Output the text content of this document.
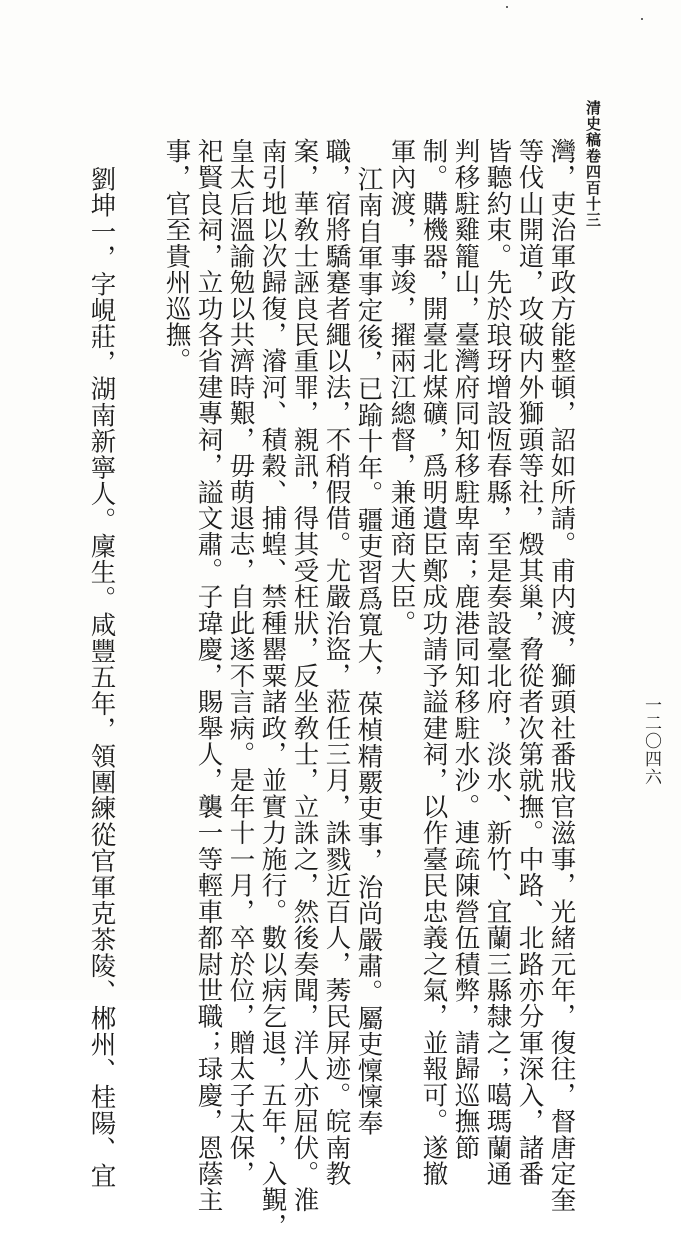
清史稿卷四百十三
一二〇四六
灣，吏治軍政方能整頓，詔如所請。甫内渡，獅頭社番戕官滋事，光緒元年，復往，督唐定奎
等伐山開道，攻破内外獅頭等社，燬其巢，脅從者次第就撫。中路、北路亦分軍深入，諸番
皆聽約束。先於琅玡增設恆春縣，至是奏設臺北府，淡水、新竹、宜蘭三縣隸之；噶瑪蘭通
判移駐雞籠山，臺灣府同知移駐卑南；鹿港同知移駐水沙。連疏陳營伍積弊，請歸巡撫節
制。購機器，開臺北煤礦，爲明遺臣鄭成功請予謚建祠，以作臺民忠義之氣，並報可。遂撤
軍內渡，事竣，擢兩江總督，兼通商大臣。
江南自軍事定後，已踰十年。疆吏習爲寬大，葆楨精覈吏事，治尚嚴肅。屬吏懍懍奉
職，宿將驕蹇者繩以法，不稍假借。尤嚴治盜，蒞任三月，誅戮近百人，莠民屏迹。皖南教
案，華敎士誣良民重罪，親訊，得其受枉狀，反坐敎士，立誅之，然後奏聞，洋人亦屈伏。淮
南引地以次歸復，濬河、積穀、捕蝗、禁種罌粟諸政，並實力施行。數以病乞退，五年，入覲，
皇太后溫諭勉以共濟時艱，毋萌退志，自此遂不言病。是年十一月，卒於位，贈太子太保，
祀賢良祠，立功各省建專祠，謚文肅。子瑋慶，賜舉人，襲一等輕車都尉世職；琭慶，恩蔭主
事，官至貴州巡撫。
劉坤一，字峴莊，湖南新寧人。廩生。咸豐五年，領團練從官軍克茶陵、郴州、桂陽、宜
